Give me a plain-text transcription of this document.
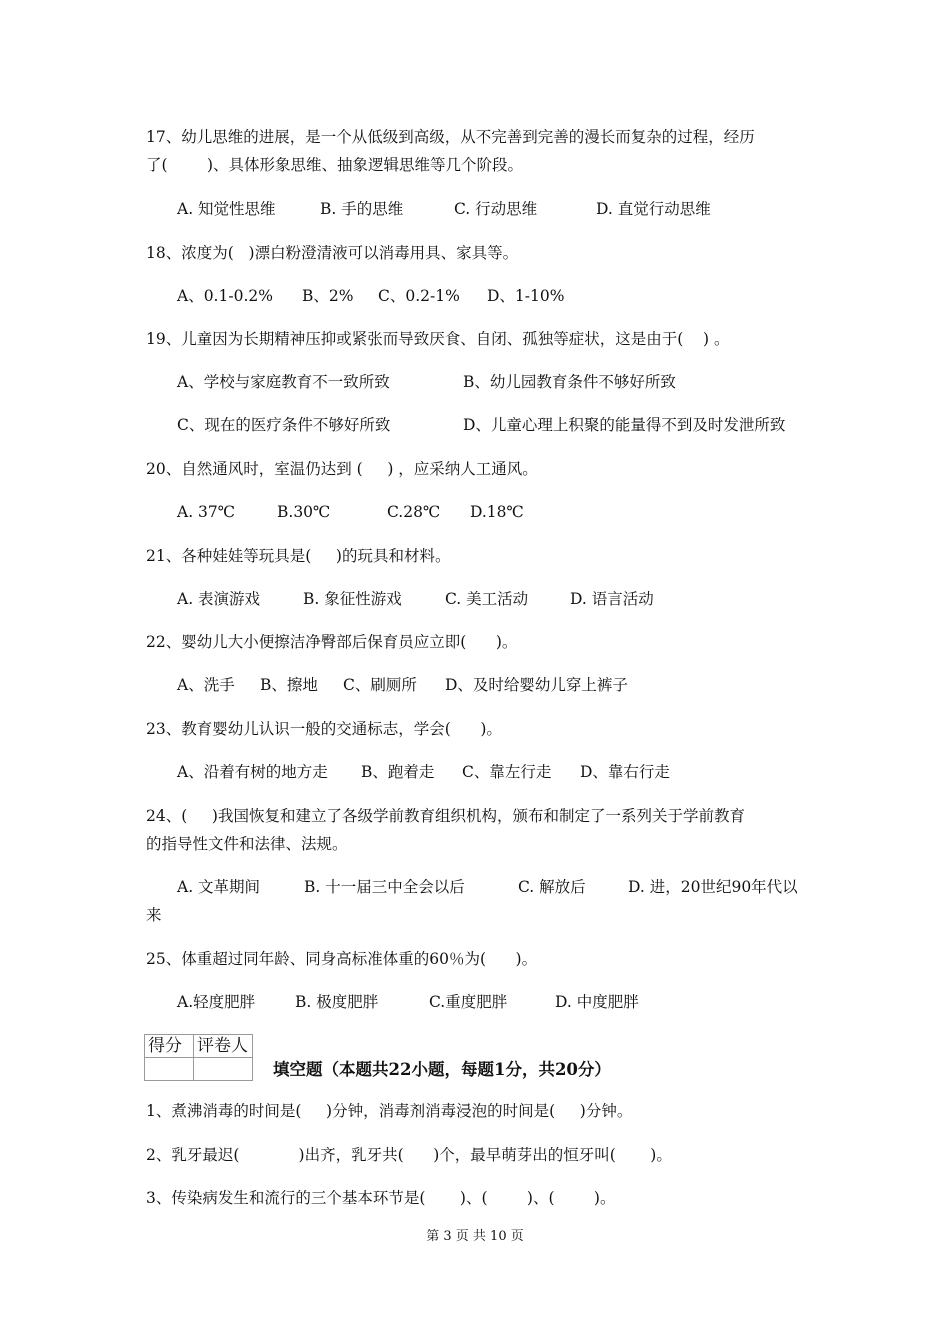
17、幼儿思维的进展，是一个从低级到高级，从不完善到完善的漫长而复杂的过程，经历
了(        )、具体形象思维、抽象逻辑思维等几个阶段。
A. 知觉性思维	B. 手的思维	C. 行动思维	D. 直觉行动思维
18、浓度为(   )漂白粉澄清液可以消毒用具、家具等。
A、0.1-0.2% B、2% C、0.2-1% D、1-10%
19、儿童因为长期精神压抑或紧张而导致厌食、自闭、孤独等症状，这是由于(    ) 。
A、学校与家庭教育不一致所致	B、幼儿园教育条件不够好所致
C、现在的医疗条件不够好所致	D、儿童心理上积聚的能量得不到及时发泄所致
20、自然通风时，室温仍达到 (     ) ，应采纳人工通风。
A. 37℃	B.30℃	C.28℃ D.18℃
21、各种娃娃等玩具是(     )的玩具和材料。
A. 表演游戏	B. 象征性游戏	C. 美工活动	D. 语言活动
22、婴幼儿大小便擦洁净臀部后保育员应立即(      )。
A、洗手 B、擦地 C、刷厕所 D、及时给婴幼儿穿上裤子
23、教育婴幼儿认识一般的交通标志，学会(      )。
A、沿着有树的地方走 B、跑着走 C、靠左行走 D、靠右行走
24、(     )我国恢复和建立了各级学前教育组织机构，颁布和制定了一系列关于学前教育
的指导性文件和法律、法规。
A. 文革期间	B. 十一届三中全会以后	C. 解放后	D. 进，20世纪90年代以
来
25、体重超过同年龄、同身高标准体重的60％为(      )。
A.轻度肥胖	B. 极度肥胖	C.重度肥胖	D. 中度肥胖
得分	评卷人

填空题（本题共22小题，每题1分，共20分）
1、煮沸消毒的时间是(     )分钟，消毒剂消毒浸泡的时间是(     )分钟。
2、乳牙最迟(            )出齐，乳牙共(      )个，最早萌芽出的恒牙叫(       )。
3、传染病发生和流行的三个基本环节是(       )、(        )、(        )。
第 3 页 共 10 页
